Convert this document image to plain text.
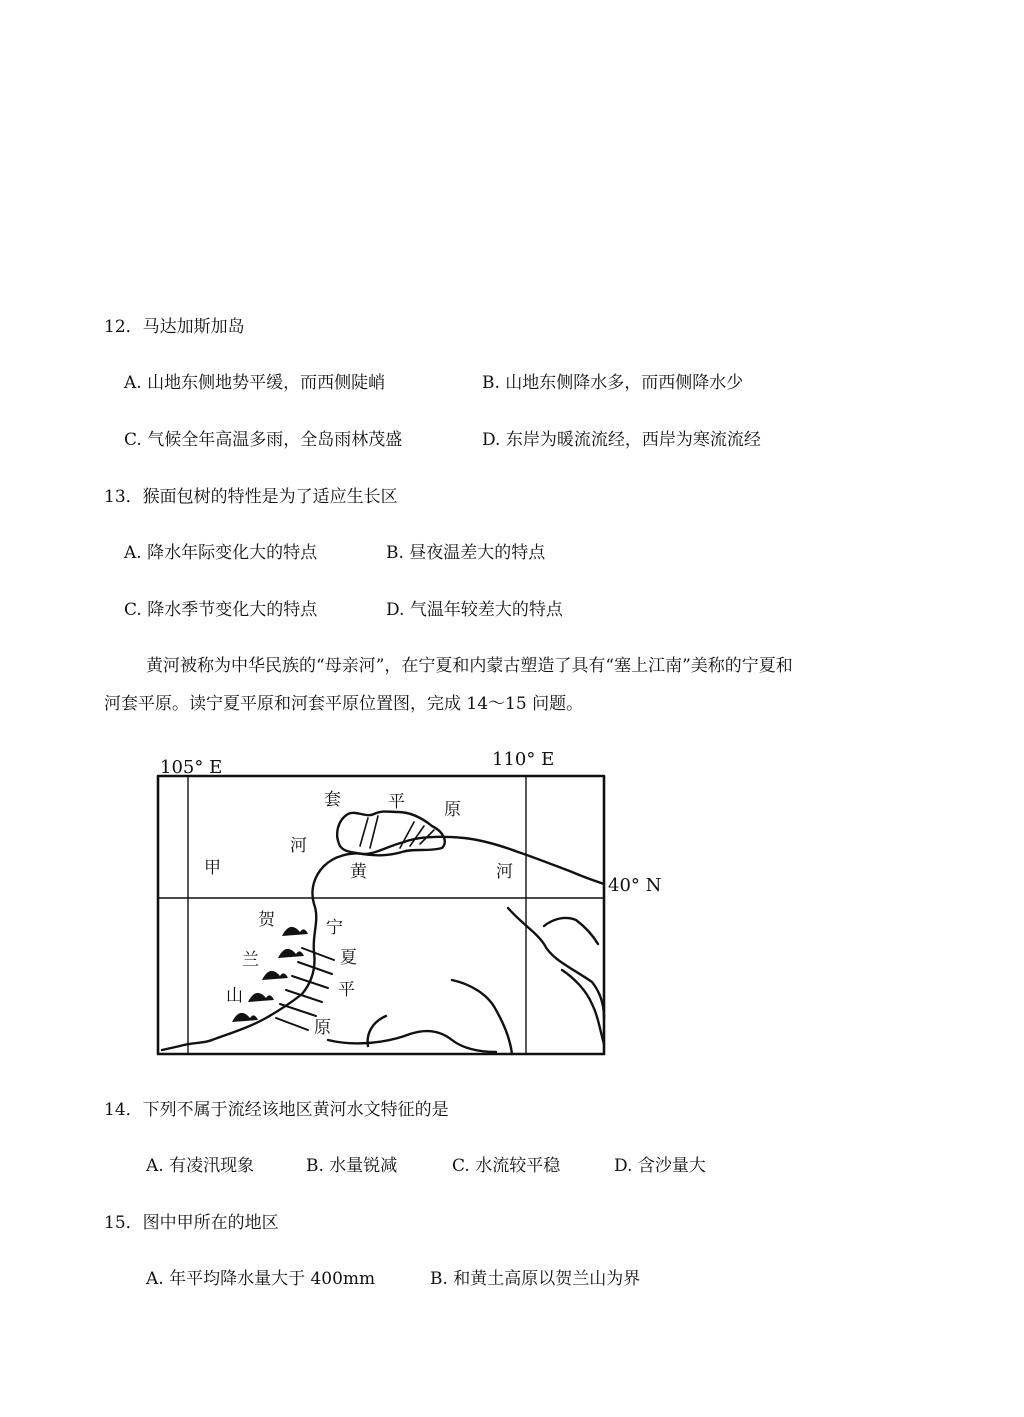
12．马达加斯加岛
A. 山地东侧地势平缓，而西侧陡峭	B. 山地东侧降水多，而西侧降水少
C. 气候全年高温多雨，全岛雨林茂盛	D. 东岸为暖流流经，西岸为寒流流经
13．猴面包树的特性是为了适应生长区
A. 降水年际变化大的特点	B. 昼夜温差大的特点
C. 降水季节变化大的特点	D. 气温年较差大的特点
黄河被称为中华民族的“母亲河”，在宁夏和内蒙古塑造了具有“塞上江南”美称的宁夏和
河套平原。读宁夏平原和河套平原位置图，完成 14～15 问题。
105° E	110° E
40° N
套	平 原
河
甲	黄	河
贺
兰
山
宁
夏
平
原
14．下列不属于流经该地区黄河水文特征的是
A. 有凌汛现象	B. 水量锐减	C. 水流较平稳	D. 含沙量大
15．图中甲所在的地区
A. 年平均降水量大于 400mm	B. 和黄土高原以贺兰山为界
